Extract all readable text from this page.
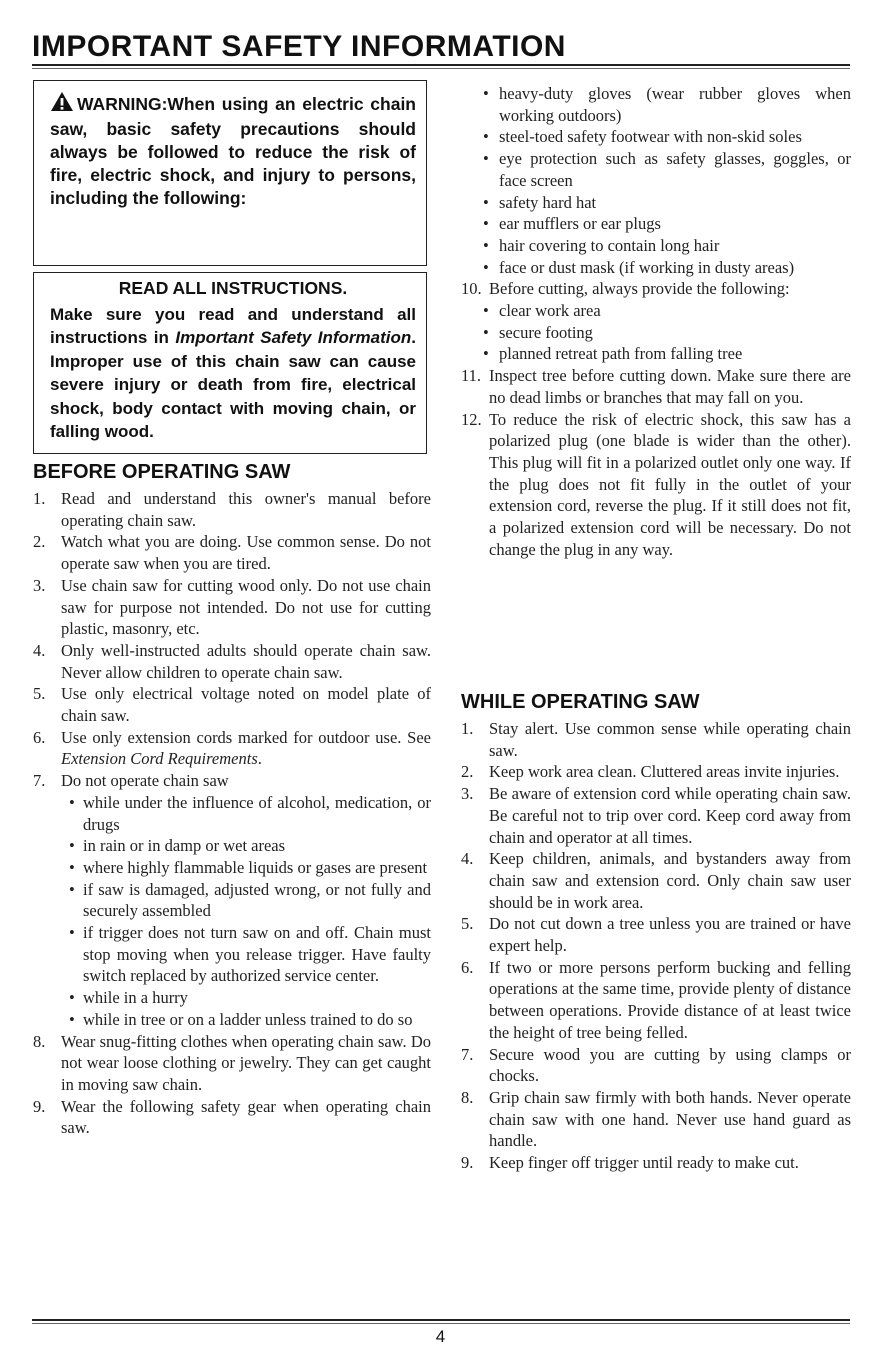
IMPORTANT SAFETY INFORMATION
WARNING:When using an electric chain saw, basic safety precautions should always be followed to reduce the risk of fire, electric shock, and injury to persons, including the following:
READ ALL INSTRUCTIONS.
Make sure you read and understand all instructions in Important Safety Information. Improper use of this chain saw can cause severe injury or death from fire, electrical shock, body contact with moving chain, or falling wood.
BEFORE OPERATING SAW
1. Read and understand this owner's manual before operating chain saw.
2. Watch what you are doing. Use common sense. Do not operate saw when you are tired.
3. Use chain saw for cutting wood only. Do not use chain saw for purpose not intended. Do not use for cutting plastic, masonry, etc.
4. Only well-instructed adults should operate chain saw. Never allow children to operate chain saw.
5. Use only electrical voltage noted on model plate of chain saw.
6. Use only extension cords marked for outdoor use. See Extension Cord Requirements.
7. Do not operate chain saw
• while under the influence of alcohol, medication, or drugs
• in rain or in damp or wet areas
• where highly flammable liquids or gases are present
• if saw is damaged, adjusted wrong, or not fully and securely assembled
• if trigger does not turn saw on and off. Chain must stop moving when you release trigger. Have faulty switch replaced by authorized service center.
• while in a hurry
• while in tree or on a ladder unless trained to do so
8. Wear snug-fitting clothes when operating chain saw. Do not wear loose clothing or jewelry. They can get caught in moving saw chain.
9. Wear the following safety gear when operating chain saw.
• heavy-duty gloves (wear rubber gloves when working outdoors)
• steel-toed safety footwear with non-skid soles
• eye protection such as safety glasses, goggles, or face screen
• safety hard hat
• ear mufflers or ear plugs
• hair covering to contain long hair
• face or dust mask (if working in dusty areas)
10. Before cutting, always provide the following:
• clear work area
• secure footing
• planned retreat path from falling tree
11. Inspect tree before cutting down. Make sure there are no dead limbs or branches that may fall on you.
12. To reduce the risk of electric shock, this saw has a polarized plug (one blade is wider than the other). This plug will fit in a polarized outlet only one way. If the plug does not fit fully in the outlet of your extension cord, reverse the plug. If it still does not fit, a polarized extension cord will be necessary. Do not change the plug in any way.
WHILE OPERATING SAW
1. Stay alert. Use common sense while operating chain saw.
2. Keep work area clean. Cluttered areas invite injuries.
3. Be aware of extension cord while operating chain saw. Be careful not to trip over cord. Keep cord away from chain and operator at all times.
4. Keep children, animals, and bystanders away from chain saw and extension cord. Only chain saw user should be in work area.
5. Do not cut down a tree unless you are trained or have expert help.
6. If two or more persons perform bucking and felling operations at the same time, provide plenty of distance between operations. Provide distance of at least twice the height of tree being felled.
7. Secure wood you are cutting by using clamps or chocks.
8. Grip chain saw firmly with both hands. Never operate chain saw with one hand. Never use hand guard as handle.
9. Keep finger off trigger until ready to make cut.
4
